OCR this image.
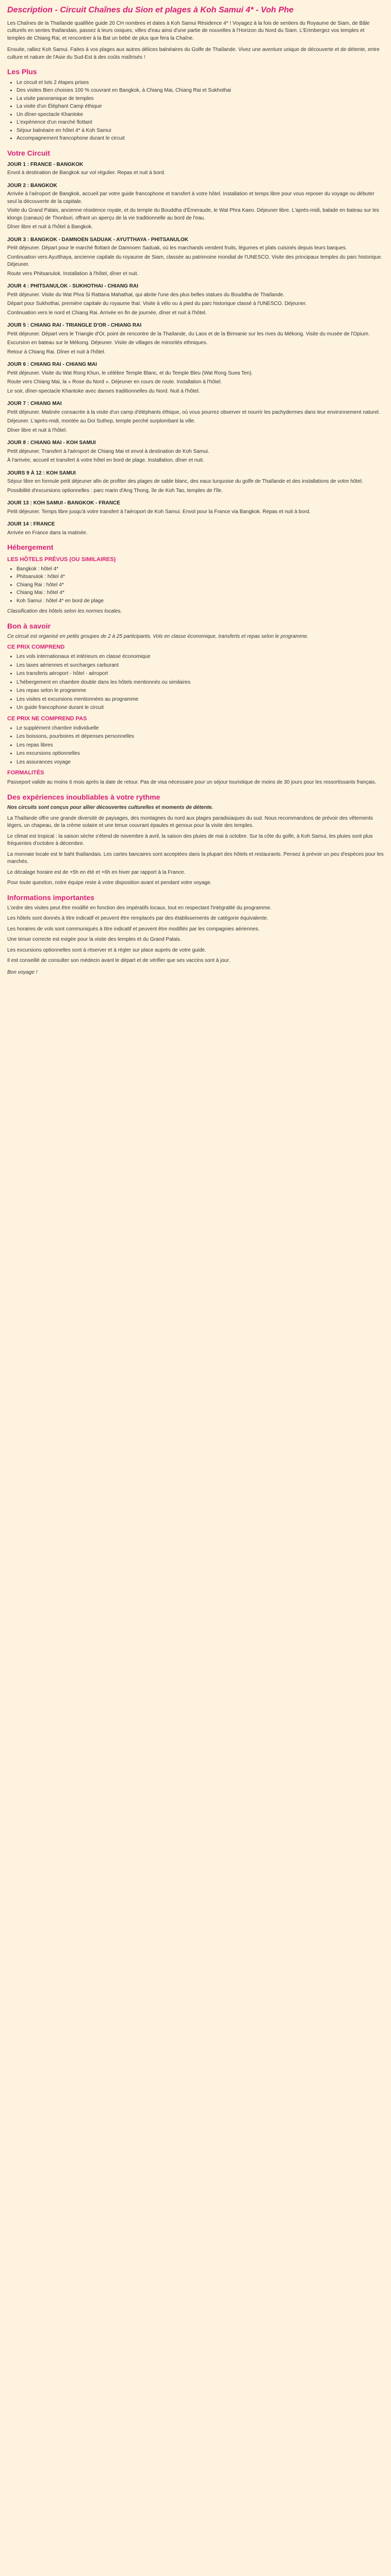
Description - Circuit Chaînes du Sion et plages à Koh Samui 4* - Voh Phe

Les Chaînes de la Thaïlande qualifiée guide 20 CH nombres et dates à Koh Samui Résidence 4* ! Voyagez à la fois de sentiers du Royaume de Siam, de Bâle culturels en sentes thaïlandais, passez à leurs oxiques, villes d'eau ainsi d'une partie de nouvelles à l'Horizon du Nord du Siam. L'Erimbergez vos temples et temples de Chiang Rai, et rencontrer à la Bat un bébé de plus que fera la Chaîne.

Ensuite, ralliez Koh Samui. Faites à vos plages aux autres délices balnéaires du Golfe de Thaïlande. Vivez une aventure unique de découverte et de détente, entre culture et nature de l'Asie du Sud-Est à des coûts maîtrisés !

Les Plus
• Le circuit et lots 2 étapes prises
• Des visites Bien choisies 100 % couvrant en Bangkok, à Chiang Mai, Chiang Rai et Sukhothai
• La visite panoramique de temples
• La visite d'un Éléphant Camp éthique
• Un dîner-spectacle Khantoke
• L'expérience d'un marché flottant
• Séjour balnéaire en hôtel 4* à Koh Samui
• Accompagnement francophone durant le circuit
Votre Circuit
JOUR 1 : FRANCE - BANGKOK

Envol à destination de Bangkok sur vol régulier. Repas et nuit à bord.

JOUR 2 : BANGKOK

Arrivée à l'aéroport de Bangkok, accueil par votre guide francophone et transfert à votre hôtel. Installation et temps libre pour vous reposer du voyage ou débuter seul la découverte de la capitale.

Visite du Grand Palais, ancienne résidence royale, et du temple du Bouddha d'Émeraude, le Wat Phra Kaeo. Déjeuner libre. L'après-midi, balade en bateau sur les klongs (canaux) de Thonburi, offrant un aperçu de la vie traditionnelle au bord de l'eau.

Dîner libre et nuit à l'hôtel à Bangkok.

JOUR 3 : BANGKOK - DAMNOEN SADUAK - AYUTTHAYA - PHITSANULOK

Petit déjeuner. Départ pour le marché flottant de Damnoen Saduak, où les marchands vendent fruits, légumes et plats cuisinés depuis leurs barques.

Continuation vers Ayutthaya, ancienne capitale du royaume de Siam, classée au patrimoine mondial de l'UNESCO. Visite des principaux temples du parc historique. Déjeuner.

Route vers Phitsanulok. Installation à l'hôtel, dîner et nuit.

JOUR 4 : PHITSANULOK - SUKHOTHAI - CHIANG RAI

Petit déjeuner. Visite du Wat Phra Si Rattana Mahathat, qui abrite l'une des plus belles statues du Bouddha de Thaïlande.

Départ pour Sukhothai, première capitale du royaume thaï. Visite à vélo ou à pied du parc historique classé à l'UNESCO. Déjeuner.

Continuation vers le nord et Chiang Rai. Arrivée en fin de journée, dîner et nuit à l'hôtel.

JOUR 5 : CHIANG RAI - TRIANGLE D'OR - CHIANG RAI

Petit déjeuner. Départ vers le Triangle d'Or, point de rencontre de la Thaïlande, du Laos et de la Birmanie sur les rives du Mékong. Visite du musée de l'Opium.

Excursion en bateau sur le Mékong. Déjeuner. Visite de villages de minorités ethniques.

Retour à Chiang Rai. Dîner et nuit à l'hôtel.

JOUR 6 : CHIANG RAI - CHIANG MAI

Petit déjeuner. Visite du Wat Rong Khun, le célèbre Temple Blanc, et du Temple Bleu (Wat Rong Suea Ten).

Route vers Chiang Mai, la « Rose du Nord ». Déjeuner en cours de route. Installation à l'hôtel.

Le soir, dîner-spectacle Khantoke avec danses traditionnelles du Nord. Nuit à l'hôtel.

JOUR 7 : CHIANG MAI

Petit déjeuner. Matinée consacrée à la visite d'un camp d'éléphants éthique, où vous pourrez observer et nourrir les pachydermes dans leur environnement naturel.

Déjeuner. L'après-midi, montée au Doi Suthep, temple perché surplombant la ville.

Dîner libre et nuit à l'hôtel.

JOUR 8 : CHIANG MAI - KOH SAMUI

Petit déjeuner. Transfert à l'aéroport de Chiang Mai et envol à destination de Koh Samui.

À l'arrivée, accueil et transfert à votre hôtel en bord de plage. Installation, dîner et nuit.

JOURS 9 À 12 : KOH SAMUI

Séjour libre en formule petit déjeuner afin de profiter des plages de sable blanc, des eaux turquoise du golfe de Thaïlande et des installations de votre hôtel.

Possibilité d'excursions optionnelles : parc marin d'Ang Thong, île de Koh Tao, temples de l'île.

JOUR 13 : KOH SAMUI - BANGKOK - FRANCE

Petit déjeuner. Temps libre jusqu'à votre transfert à l'aéroport de Koh Samui. Envol pour la France via Bangkok. Repas et nuit à bord.

JOUR 14 : FRANCE

Arrivée en France dans la matinée.

Hébergement
LES HÔTELS PRÉVUS (OU SIMILAIRES)
• Bangkok : hôtel 4*
• Phitsanulok : hôtel 4*
• Chiang Rai : hôtel 4*
• Chiang Mai : hôtel 4*
• Koh Samui : hôtel 4* en bord de plage

Classification des hôtels selon les normes locales.

Bon à savoir

Ce circuit est organisé en petits groupes de 2 à 25 participants. Vols en classe économique, transferts et repas selon le programme.

CE PRIX COMPREND
• Les vols internationaux et intérieurs en classe économique
• Les taxes aériennes et surcharges carburant
• Les transferts aéroport - hôtel - aéroport
• L'hébergement en chambre double dans les hôtels mentionnés ou similaires
• Les repas selon le programme
• Les visites et excursions mentionnées au programme
• Un guide francophone durant le circuit
CE PRIX NE COMPREND PAS
• Le supplément chambre individuelle
• Les boissons, pourboires et dépenses personnelles
• Les repas libres
• Les excursions optionnelles
• Les assurances voyage
FORMALITÉS

Passeport valide au moins 6 mois après la date de retour. Pas de visa nécessaire pour un séjour touristique de moins de 30 jours pour les ressortissants français.

Des expériences inoubliables à votre rythme

Nos circuits sont conçus pour allier découvertes culturelles et moments de détente.

La Thaïlande offre une grande diversité de paysages, des montagnes du nord aux plages paradisiaques du sud. Nous recommandons de prévoir des vêtements légers, un chapeau, de la crème solaire et une tenue couvrant épaules et genoux pour la visite des temples.

Le climat est tropical : la saison sèche s'étend de novembre à avril, la saison des pluies de mai à octobre. Sur la côte du golfe, à Koh Samui, les pluies sont plus fréquentes d'octobre à décembre.

La monnaie locale est le baht thaïlandais. Les cartes bancaires sont acceptées dans la plupart des hôtels et restaurants. Pensez à prévoir un peu d'espèces pour les marchés.

Le décalage horaire est de +5h en été et +6h en hiver par rapport à la France.

Pour toute question, notre équipe reste à votre disposition avant et pendant votre voyage.

Informations importantes

L'ordre des visites peut être modifié en fonction des impératifs locaux, tout en respectant l'intégralité du programme.

Les hôtels sont donnés à titre indicatif et peuvent être remplacés par des établissements de catégorie équivalente.

Les horaires de vols sont communiqués à titre indicatif et peuvent être modifiés par les compagnies aériennes.

Une tenue correcte est exigée pour la visite des temples et du Grand Palais.

Les excursions optionnelles sont à réserver et à régler sur place auprès de votre guide.

Il est conseillé de consulter son médecin avant le départ et de vérifier que ses vaccins sont à jour.

Bon voyage !
